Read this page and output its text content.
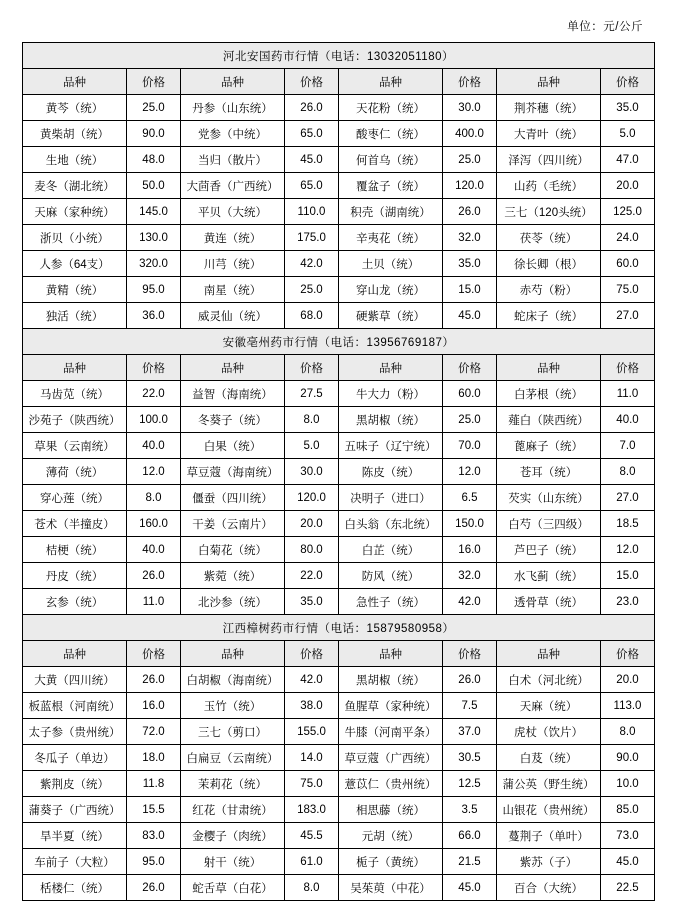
单位：元/公斤
河北安国药市行情（电话：13032051180）							
品种	价格	品种	价格	品种	价格	品种	价格
黄芩（统）	25.0	丹参（山东统）	26.0	天花粉（统）	30.0	荆芥穗（统）	35.0
黄柴胡（统）	90.0	党参（中统）	65.0	酸枣仁（统）	400.0	大青叶（统）	5.0
生地（统）	48.0	当归（散片）	45.0	何首乌（统）	25.0	泽泻（四川统）	47.0
麦冬（湖北统）	50.0	大茴香（广西统）	65.0	覆盆子（统）	120.0	山药（毛统）	20.0
天麻（家种统）	145.0	平贝（大统）	110.0	积壳（湖南统）	26.0	三七（120头统）	125.0
浙贝（小统）	130.0	黄连（统）	175.0	辛夷花（统）	32.0	茯苓（统）	24.0
人参（64支）	320.0	川芎（统）	42.0	土贝（统）	35.0	徐长卿（根）	60.0
黄精（统）	95.0	南星（统）	25.0	穿山龙（统）	15.0	赤芍（粉）	75.0
独活（统）	36.0	威灵仙（统）	68.0	硬紫草（统）	45.0	蛇床子（统）	27.0
安徽亳州药市行情（电话：13956769187）							
品种	价格	品种	价格	品种	价格	品种	价格
马齿苋（统）	22.0	益智（海南统）	27.5	牛大力（粉）	60.0	白茅根（统）	11.0
沙苑子（陕西统）	100.0	冬葵子（统）	8.0	黑胡椒（统）	25.0	薤白（陕西统）	40.0
草果（云南统）	40.0	白果（统）	5.0	五味子（辽宁统）	70.0	蓖麻子（统）	7.0
薄荷（统）	12.0	草豆蔻（海南统）	30.0	陈皮（统）	12.0	苍耳（统）	8.0
穿心莲（统）	8.0	僵蚕（四川统）	120.0	决明子（进口）	6.5	芡实（山东统）	27.0
苍术（半撞皮）	160.0	干姜（云南片）	20.0	白头翁（东北统）	150.0	白芍（三四级）	18.5
桔梗（统）	40.0	白菊花（统）	80.0	白芷（统）	16.0	芦巴子（统）	12.0
丹皮（统）	26.0	紫菀（统）	22.0	防风（统）	32.0	水飞蓟（统）	15.0
玄参（统）	11.0	北沙参（统）	35.0	急性子（统）	42.0	透骨草（统）	23.0
江西樟树药市行情（电话：15879580958）							
品种	价格	品种	价格	品种	价格	品种	价格
大黄（四川统）	26.0	白胡椒（海南统）	42.0	黑胡椒（统）	26.0	白术（河北统）	20.0
板蓝根（河南统）	16.0	玉竹（统）	38.0	鱼腥草（家种统）	7.5	天麻（统）	113.0
太子参（贵州统）	72.0	三七（剪口）	155.0	牛膝（河南平条）	37.0	虎杖（饮片）	8.0
冬瓜子（单边）	18.0	白扁豆（云南统）	14.0	草豆蔻（广西统）	30.5	白芨（统）	90.0
紫荆皮（统）	11.8	茉莉花（统）	75.0	薏苡仁（贵州统）	12.5	蒲公英（野生统）	10.0
蒲葵子（广西统）	15.5	红花（甘肃统）	183.0	相思藤（统）	3.5	山银花（贵州统）	85.0
旱半夏（统）	83.0	金樱子（肉统）	45.5	元胡（统）	66.0	蔓荆子（单叶）	73.0
车前子（大粒）	95.0	射干（统）	61.0	栀子（黄统）	21.5	紫苏（子）	45.0
栝楼仁（统）	26.0	蛇舌草（白花）	8.0	吴茱萸（中花）	45.0	百合（大统）	22.5
